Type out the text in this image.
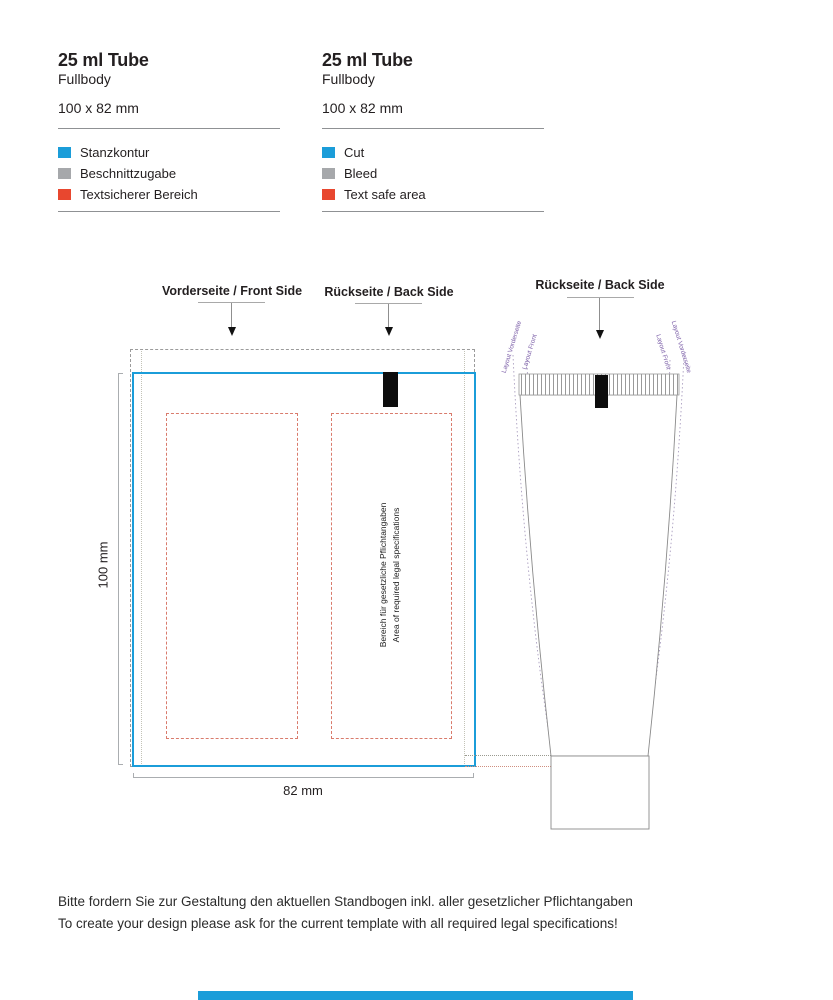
25 ml Tube
Fullbody
100 x 82 mm
Stanzkontur
Beschnittzugabe
Textsicherer Bereich
25 ml Tube
Fullbody
100 x 82 mm
Cut
Bleed
Text safe area
Vorderseite / Front Side Rückseite / Back Side	Rückseite / Back Side
Bereich für gesetzliche Pflichtangaben Area of required legal specifications
100 mm
82 mm
Layout Vorderseite
Layout Front	Layout Front
Layout Vorderseite
Bitte fordern Sie zur Gestaltung den aktuellen Standbogen inkl. aller gesetzlicher Pflichtangaben
To create your design please ask for the current template with all required legal specifications!
